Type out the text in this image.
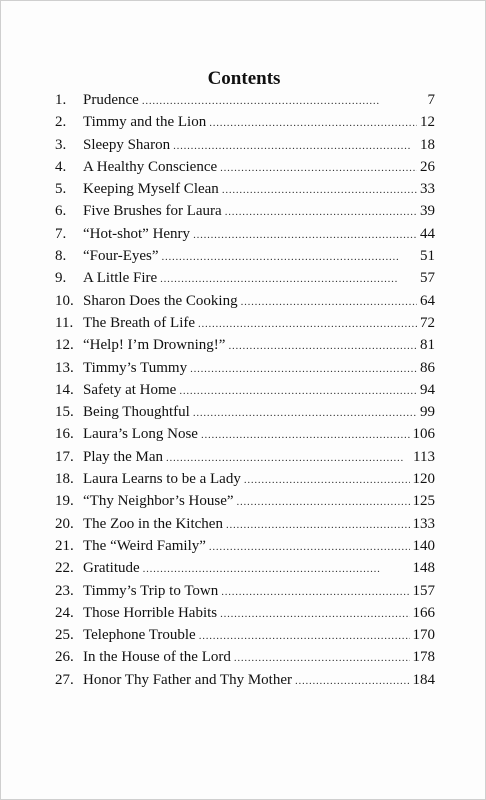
Contents
1.	Prudence . . .	7
2.	Timmy and the Lion . . .	12
3.	Sleepy Sharon . . .	18
4.	A Healthy Conscience . . .	26
5.	Keeping Myself Clean . . .	33
6.	Five Brushes for Laura . . .	39
7.	“Hot-shot” Henry . . .	44
8.	“Four-Eyes” . . .	51
9.	A Little Fire . . .	57
10. Sharon Does the Cooking . . .	64
11. The Breath of Life . . .	72
12. “Help! I’m Drowning!” . . .	81
13. Timmy’s Tummy . . .	86
14. Safety at Home . . .	94
15. Being Thoughtful . . .	99
16. Laura’s Long Nose . . .	106
17. Play the Man . . .	113
18. Laura Learns to be a Lady . . .	120
19. “Thy Neighbor’s House” . . .	125
20. The Zoo in the Kitchen . . .	133
21. The “Weird Family” . . .	140
22. Gratitude . . .	148
23. Timmy’s Trip to Town . . .	157
24. Those Horrible Habits . . .	166
25. Telephone Trouble . . .	170
26. In the House of the Lord . . .	178
27. Honor Thy Father and Thy Mother . . .	184
